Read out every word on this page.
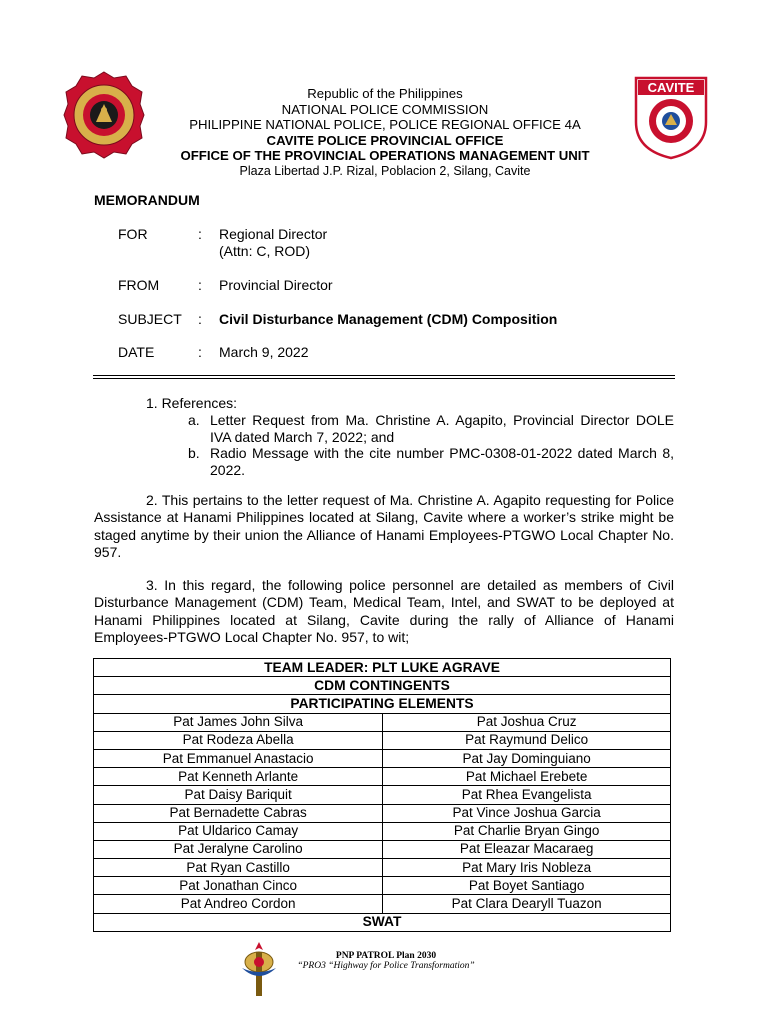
Republic of the Philippines
NATIONAL POLICE COMMISSION
PHILIPPINE NATIONAL POLICE, POLICE REGIONAL OFFICE 4A
CAVITE POLICE PROVINCIAL OFFICE
OFFICE OF THE PROVINCIAL OPERATIONS MANAGEMENT UNIT
Plaza Libertad J.P. Rizal, Poblacion 2, Silang, Cavite
CAVITE
MEMORANDUM
FOR	: Regional Director
(Attn: C, ROD)
FROM	: Provincial Director
SUBJECT	: Civil Disturbance Management (CDM) Composition
DATE	: March 9, 2022
1. References:
a. Letter Request from Ma. Christine A. Agapito, Provincial Director DOLE IVA dated March 7, 2022; and
b. Radio Message with the cite number PMC-0308-01-2022 dated March 8, 2022.
2. This pertains to the letter request of Ma. Christine A. Agapito requesting for Police Assistance at Hanami Philippines located at Silang, Cavite where a worker’s strike might be staged anytime by their union the Alliance of Hanami Employees-PTGWO Local Chapter No. 957.
3. In this regard, the following police personnel are detailed as members of Civil Disturbance Management (CDM) Team, Medical Team, Intel, and SWAT to be deployed at Hanami Philippines located at Silang, Cavite during the rally of Alliance of Hanami Employees-PTGWO Local Chapter No. 957, to wit;
TEAM LEADER: PLT LUKE AGRAVE	
CDM CONTINGENTS	
PARTICIPATING ELEMENTS	
Pat James John Silva	Pat Joshua Cruz
Pat Rodeza Abella	Pat Raymund Delico
Pat Emmanuel Anastacio	Pat Jay Dominguiano
Pat Kenneth Arlante	Pat Michael Erebete
Pat Daisy Bariquit	Pat Rhea Evangelista
Pat Bernadette Cabras	Pat Vince Joshua Garcia
Pat Uldarico Camay	Pat Charlie Bryan Gingo
Pat Jeralyne Carolino	Pat Eleazar Macaraeg
Pat Ryan Castillo	Pat Mary Iris Nobleza
Pat Jonathan Cinco	Pat Boyet Santiago
Pat Andreo Cordon	Pat Clara Dearyll Tuazon
SWAT	
PNP PATROL Plan 2030
“PRO3 “Highway for Police Transformation”
